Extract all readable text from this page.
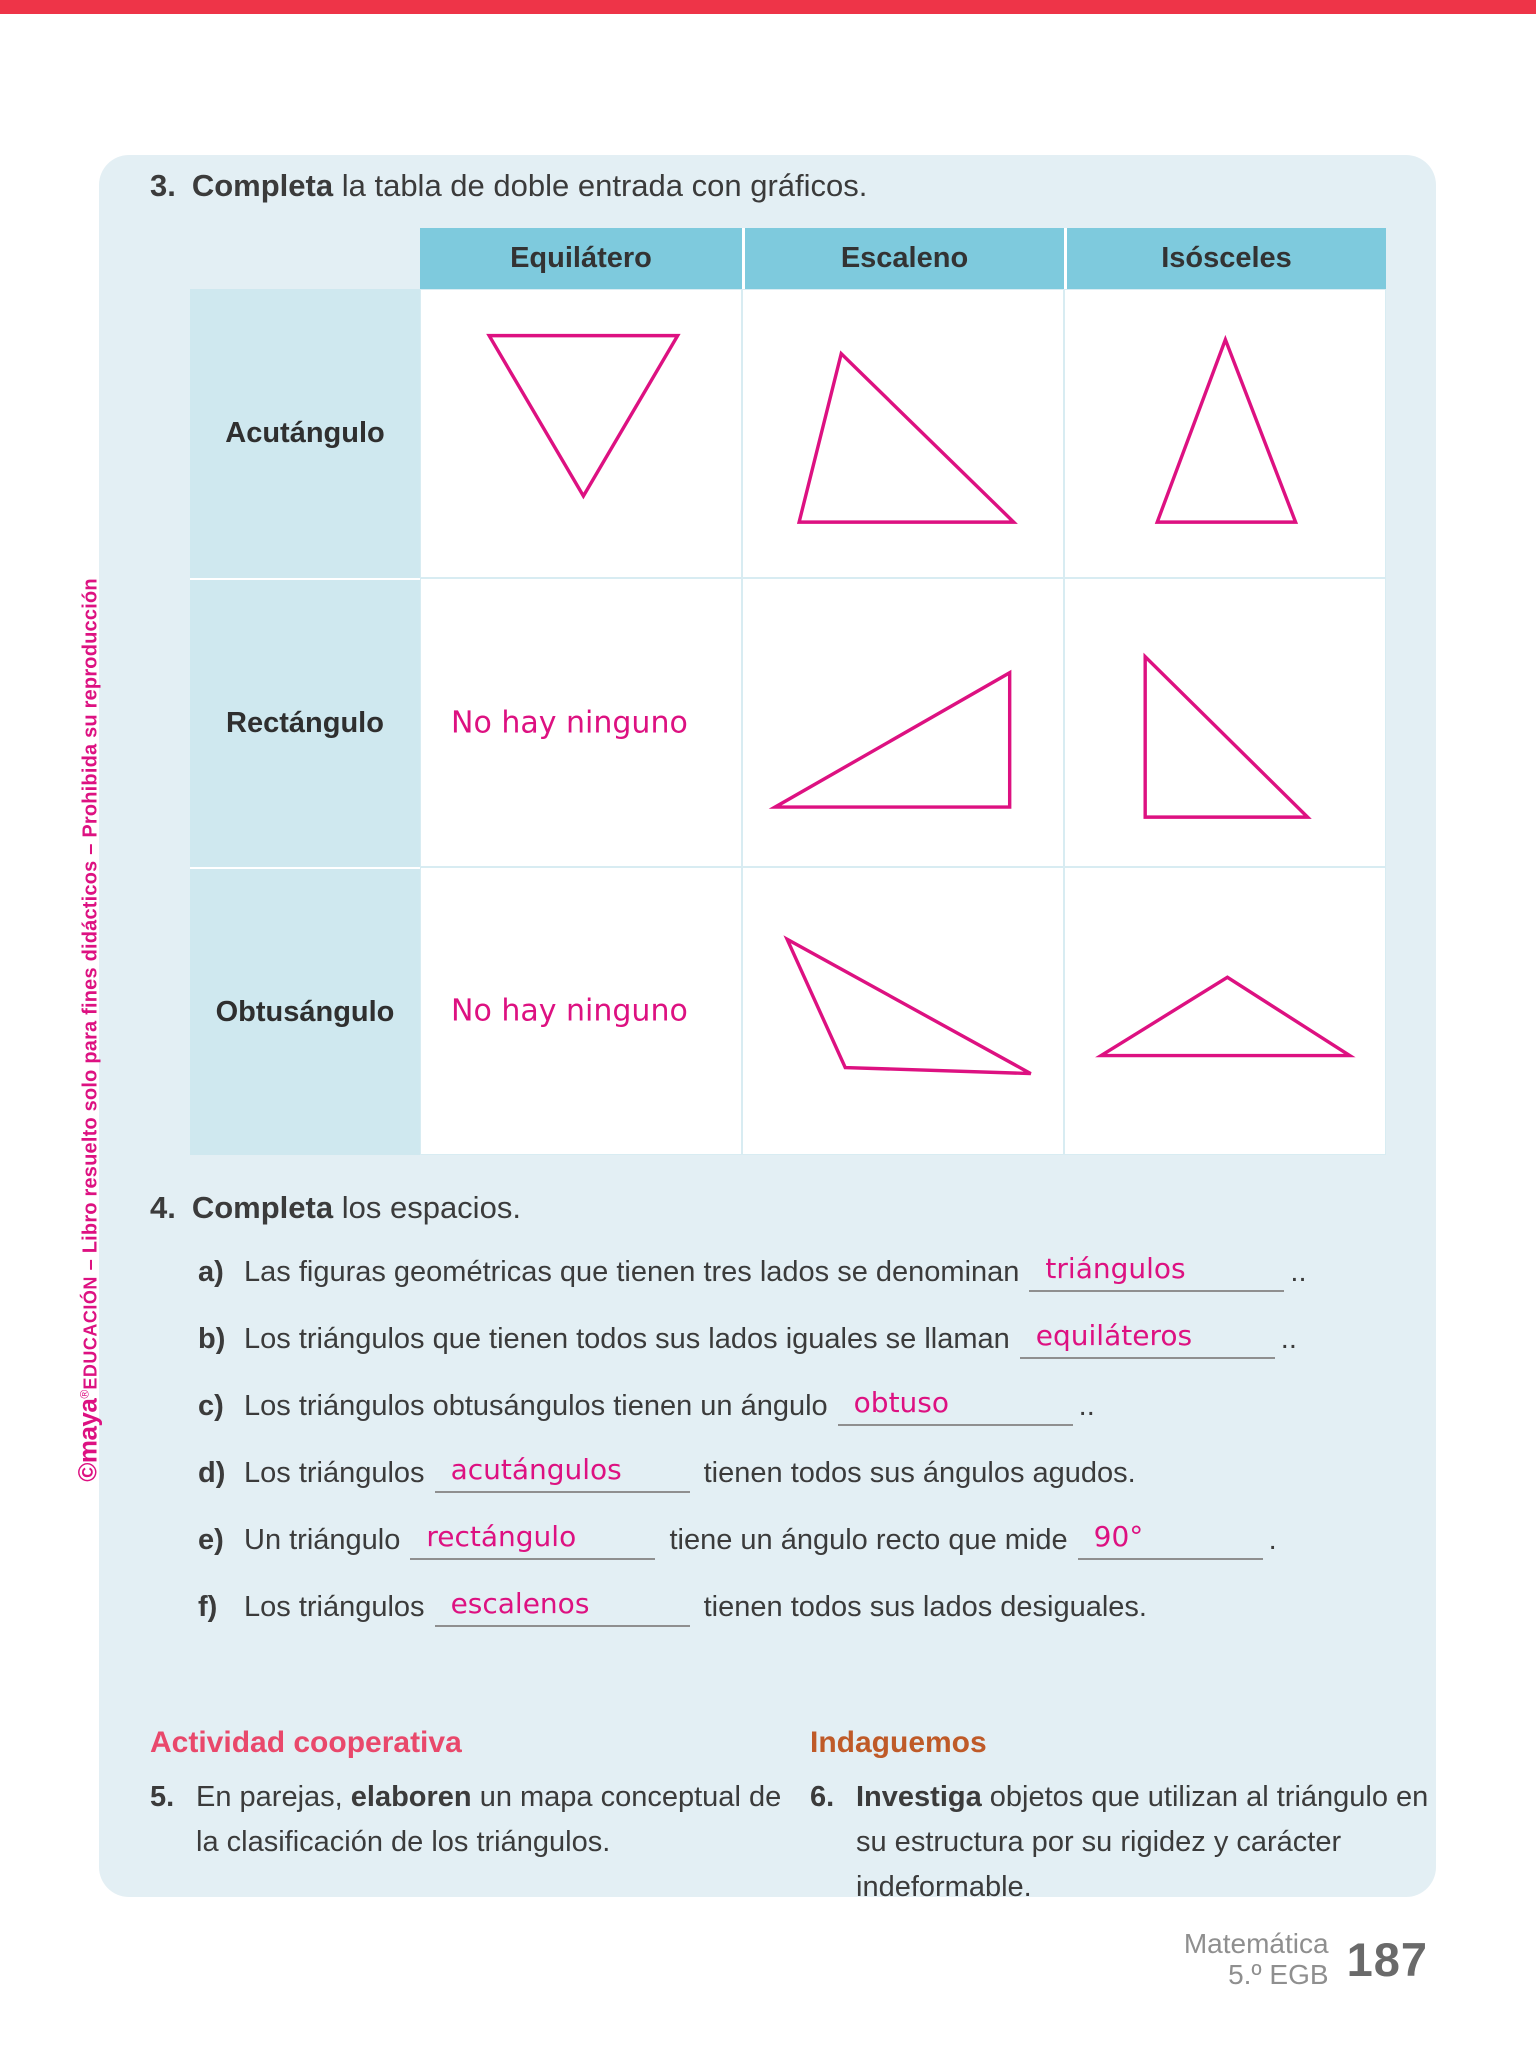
©maya®EDUCACIÓN – Libro resuelto solo para fines didácticos – Prohibida su reproducción
3. Completa la tabla de doble entrada con gráficos.
Equilátero	Escaleno	Isósceles
Acutángulo
Rectángulo	No hay ninguno
Obtusángulo	No hay ninguno
4. Completa los espacios.
a) Las figuras geométricas que tienen tres lados se denominan triángulos	..
b) Los triángulos que tienen todos sus lados iguales se llaman equiláteros	..
c) Los triángulos obtusángulos tienen un ángulo obtuso	..
d) Los triángulos acutángulos	tienen todos sus ángulos agudos.
e) Un triángulo rectángulo	tiene un ángulo recto que mide 90°	.
f) Los triángulos escalenos	tienen todos sus lados desiguales.
Actividad cooperativa
5. En parejas, elaboren un mapa conceptual de la clasificación de los triángulos.
Indaguemos
6. Investiga objetos que utilizan al triángulo en su estructura por su rigidez y carácter indeformable.
Matemática
5.º EGB 187
